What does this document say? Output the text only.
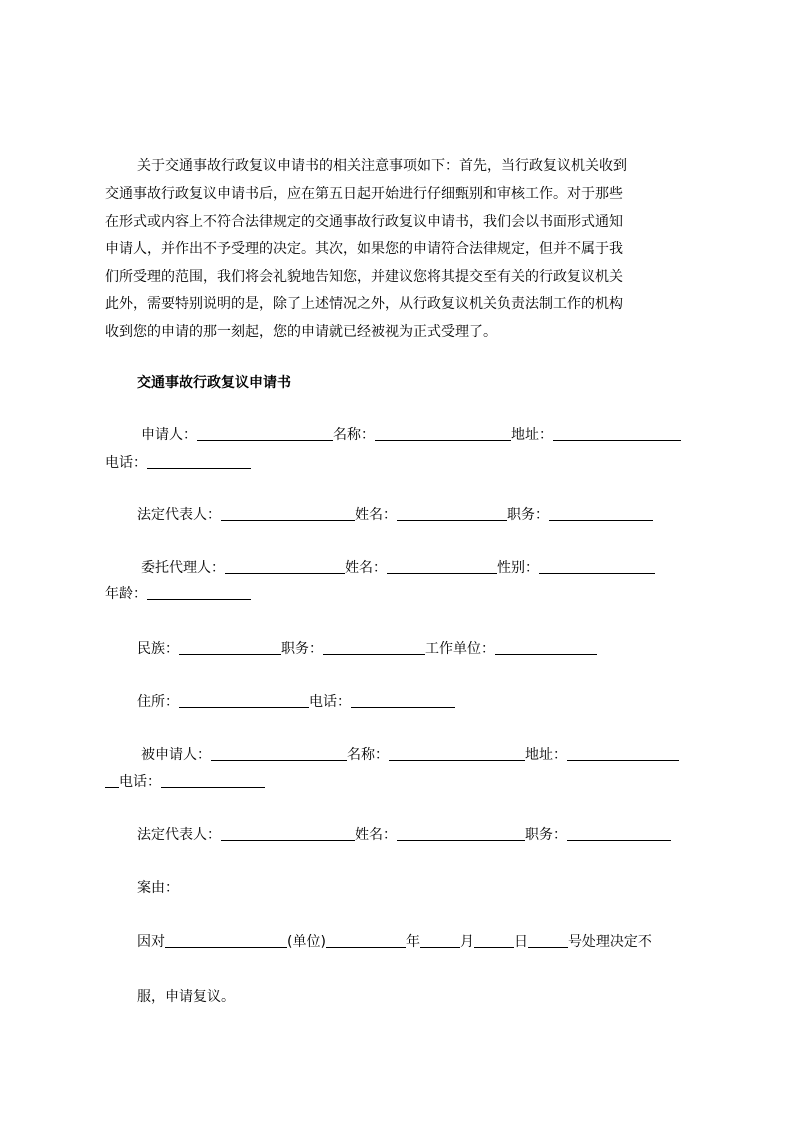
关于交通事故行政复议申请书的相关注意事项如下：首先，当行政复议机关收到
交通事故行政复议申请书后，应在第五日起开始进行仔细甄别和审核工作。对于那些
在形式或内容上不符合法律规定的交通事故行政复议申请书，我们会以书面形式通知
申请人，并作出不予受理的决定。其次，如果您的申请符合法律规定，但并不属于我
们所受理的范围，我们将会礼貌地告知您，并建议您将其提交至有关的行政复议机关
此外，需要特别说明的是，除了上述情况之外，从行政复议机关负责法制工作的机构
收到您的申请的那一刻起，您的申请就已经被视为正式受理了。
交通事故行政复议申请书
申请人：	名称：	地址：
电话：
法定代表人：	姓名：	职务：
委托代理人：	姓名：	性别：
年龄：
民族：	职务：	工作单位：
住所：	电话：
被申请人：	名称：	地址：
电话：
法定代表人：	姓名：	职务：
案由：
因对	(单位)	年	月	日	号处理决定不
服，申请复议。
